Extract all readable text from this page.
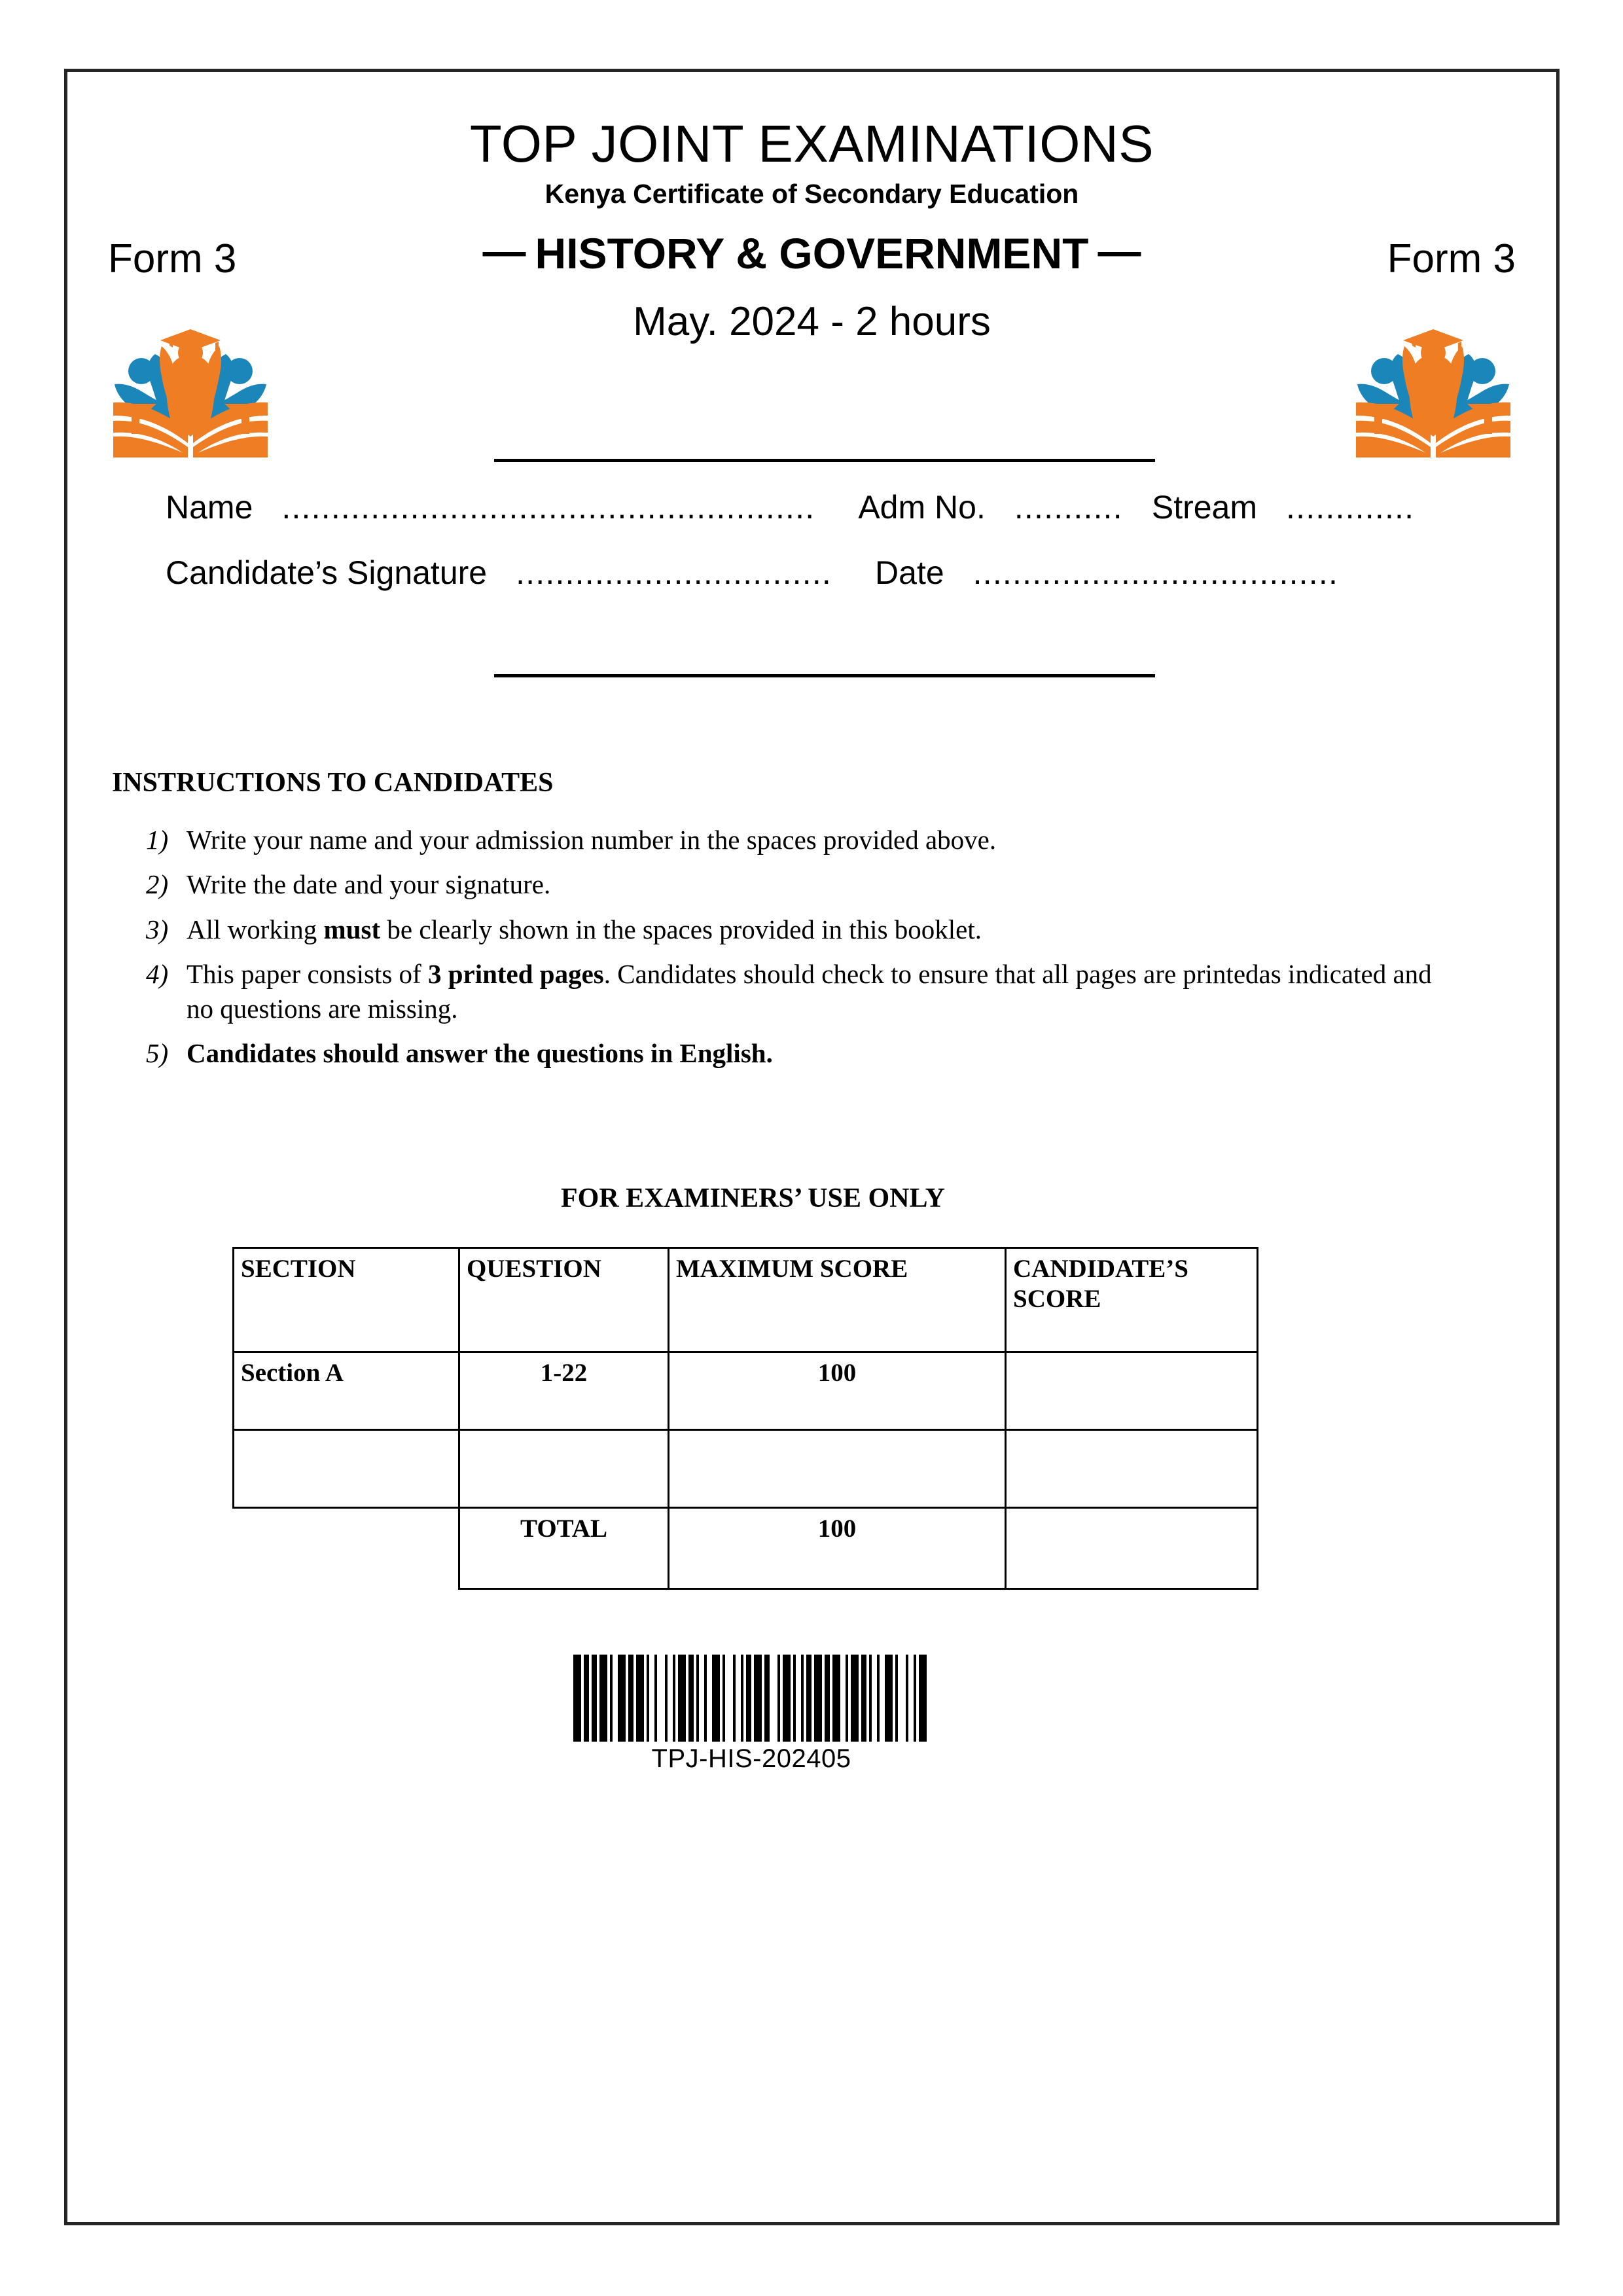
TOP JOINT EXAMINATIONS
Kenya Certificate of Secondary Education
— HISTORY & GOVERNMENT —
May. 2024 - 2 hours
Form 3	Form 3
Name ...................................................... Adm No. ........... Stream .............
Candidate’s Signature ................................ Date .....................................
INSTRUCTIONS TO CANDIDATES
1) Write your name and your admission number in the spaces provided above.
2) Write the date and your signature.
3) All working must be clearly shown in the spaces provided in this booklet.
4) This paper consists of 3 printed pages. Candidates should check to ensure that all pages are printedas indicated and no questions are missing.
5) Candidates should answer the questions in English.
FOR EXAMINERS’ USE ONLY
SECTION	QUESTION	MAXIMUM SCORE	CANDIDATE’S SCORE
Section A	1-22	100	

	TOTAL	100	
TPJ-HIS-202405
